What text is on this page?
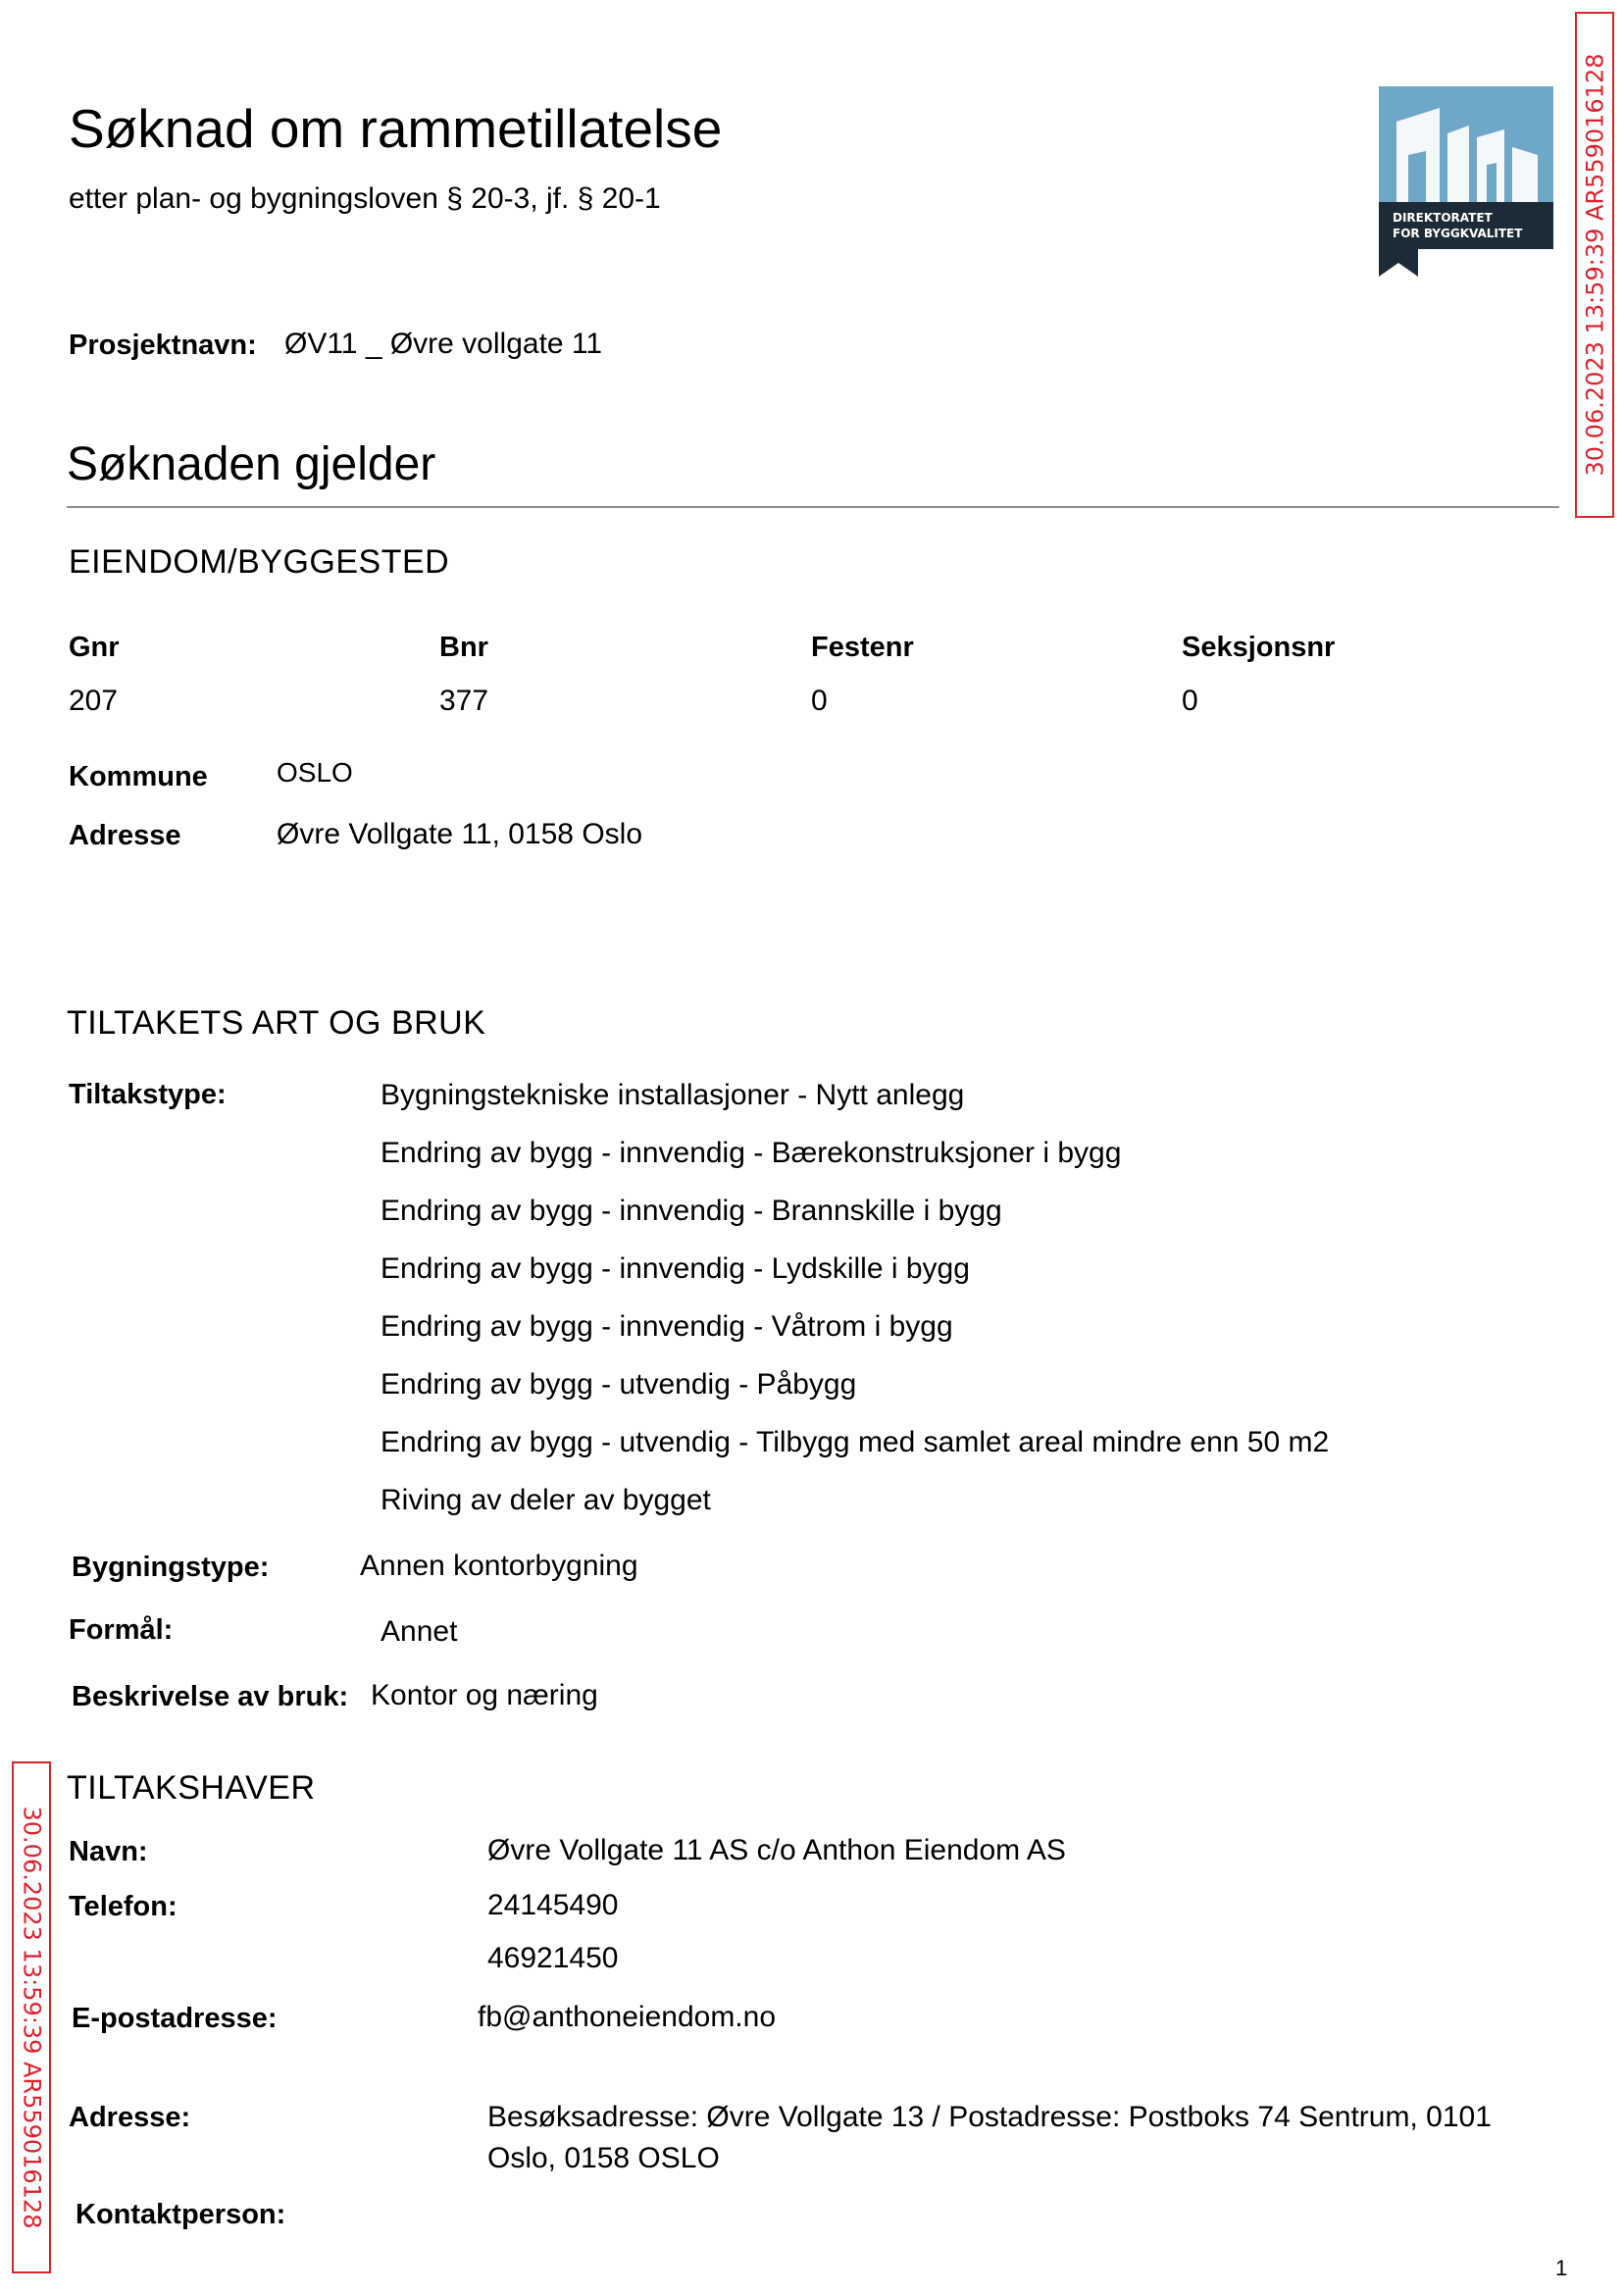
Søknad om rammetillatelse
etter plan- og bygningsloven § 20-3, jf. § 20-1
Prosjektnavn: ØV11 _ Øvre vollgate 11
DIREKTORATET
FOR BYGGKVALITET 30.06.2023 13:59:39 AR559016128
30.06.2023 13:59:39 AR559016128
Søknaden gjelder
EIENDOM/BYGGESTED
Gnr	Bnr	Festenr	Seksjonsnr
207	377	0	0
Kommune	OSLO
Adresse	Øvre Vollgate 11, 0158 Oslo
TILTAKETS ART OG BRUK
Tiltakstype:	Bygningstekniske installasjoner - Nytt anlegg
Endring av bygg - innvendig - Bærekonstruksjoner i bygg
Endring av bygg - innvendig - Brannskille i bygg
Endring av bygg - innvendig - Lydskille i bygg
Endring av bygg - innvendig - Våtrom i bygg
Endring av bygg - utvendig - Påbygg
Endring av bygg - utvendig - Tilbygg med samlet areal mindre enn 50 m2
Riving av deler av bygget
Bygningstype:	Annen kontorbygning
Formål:	Annet
Beskrivelse av bruk: Kontor og næring
TILTAKSHAVER
Navn:	Øvre Vollgate 11 AS c/o Anthon Eiendom AS
Telefon:	24145490
46921450
E-postadresse:	fb@anthoneiendom.no
Adresse:	Besøksadresse: Øvre Vollgate 13 / Postadresse: Postboks 74 Sentrum, 0101
Oslo, 0158 OSLO
Kontaktperson:
1
